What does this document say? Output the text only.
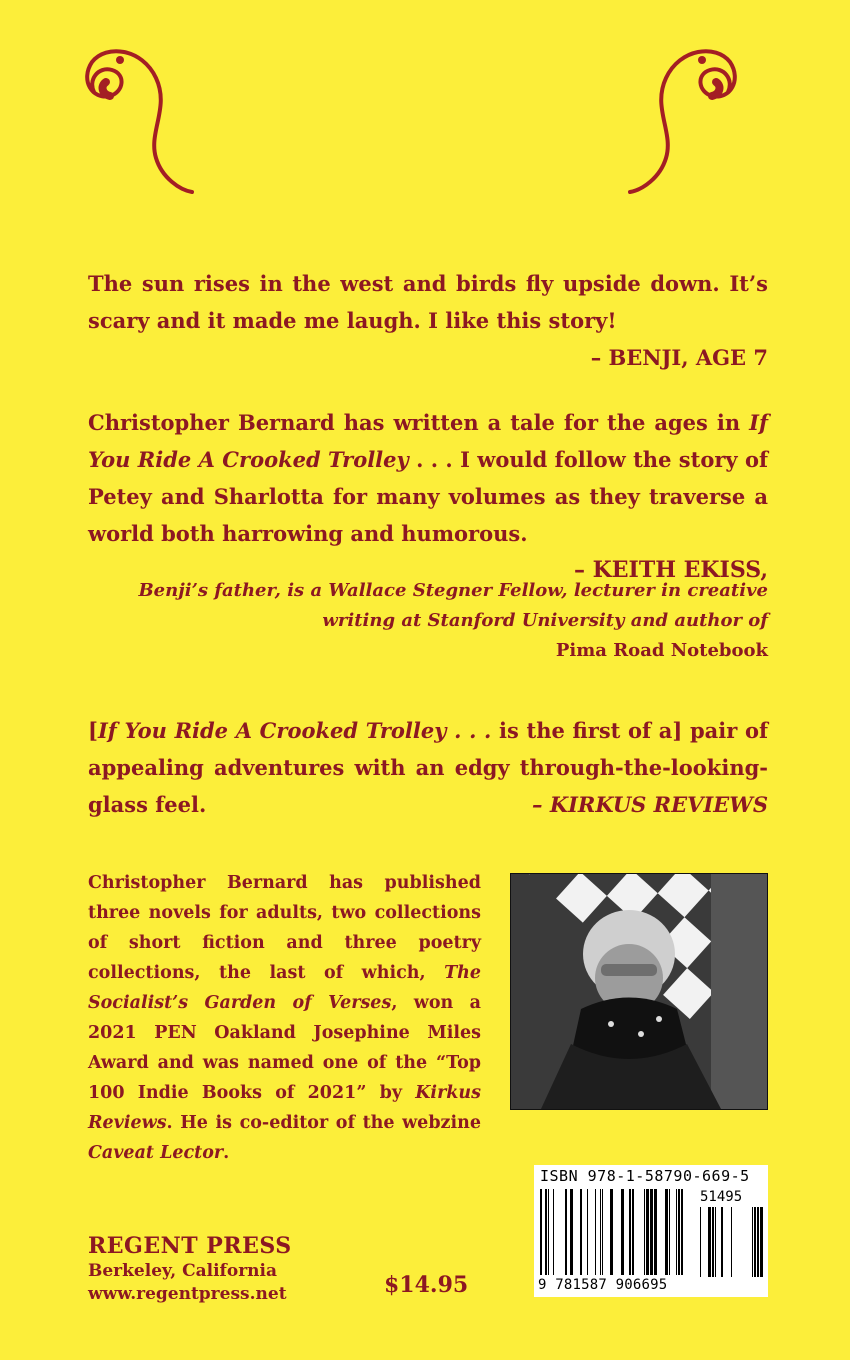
The sun rises in the west and birds fly upside down. It’s scary and it made me laugh. I like this story!
– BENJI, AGE 7

Christopher Bernard has written a tale for the ages in If You Ride A Crooked Trolley . . . I would follow the story of Petey and Sharlotta for many volumes as they traverse a world both harrowing and humorous.
– KEITH EKISS,

Benji’s father, is a Wallace Stegner Fellow, lecturer in creative writing at Stanford University and author of
Pima Road Notebook

[If You Ride A Crooked Trolley . . . is the first of a] pair of appealing adventures with an edgy through-the-looking-glass feel.	– KIRKUS REVIEWS

Christopher Bernard has published three novels for adults, two collections of short fiction and three poetry collections, the last of which, The Socialist’s Garden of Verses, won a 2021 PEN Oakland Josephine Miles Award and was named one of the “Top 100 Indie Books of 2021” by Kirkus Reviews. He is co-editor of the webzine Caveat Lector.

ISBN 978-1-58790-669-5
51495
9 781587 906695
REGENT PRESS
Berkeley, California
www.regentpress.net	$14.95
